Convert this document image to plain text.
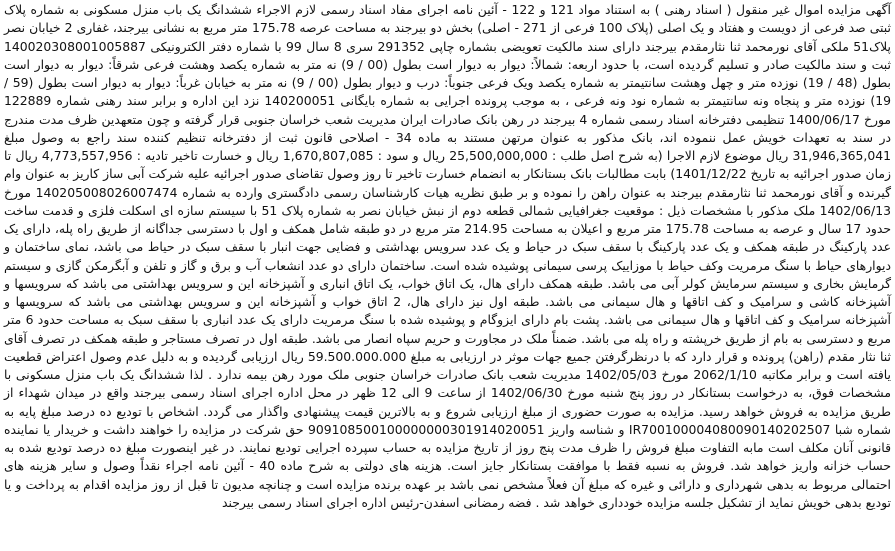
آگهی مزایده اموال غیر منقول ( اسناد رهنی ) به استناد مواد 121 و 122 - آئین نامه اجرای مفاد اسناد رسمی لازم الاجراء ششدانگ یک باب منزل مسکونی به شماره پلاک ثبتی صد فرعی از دویست و هفتاد و یک اصلی (پلاک 100 فرعی از 271 - اصلی) بخش دو بیرجند به مساحت عرصه 175.78 متر مربع به نشانی بیرجند، غفاری 2 خیابان نصر پلاک51 ملکی آقای نورمحمد ثنا نثارمقدم بیرجند دارای سند مالکیت تعویضی بشماره چاپی 291352 سری 8 سال 99 با شماره دفتر الکترونیکی 140020308001005887 ثبت و سند مالکیت صادر و تسلیم گردیده است، با حدود اربعه: شمالاً: دیوار به دیوار است بطول (00 / 9) نه متر به شماره یکصد وهشت فرعی شرقاً: دیوار به دیوار است بطول (48 / 19) نوزده متر و چهل وهشت سانتیمتر به شماره یکصد ویک فرعی جنوباً: درب و دیوار بطول (00 / 9) نه متر به خیابان غرباً: دیوار به دیوار است بطول (59 / 19) نوزده متر و پنجاه ونه سانتیمتر به شماره نود ونه فرعی ، به موجب پرونده اجرایی به شماره بایگانی 140200051 نزد این اداره و برابر سند رهنی شماره 122889 مورخ 1400/06/17 تنظیمی دفترخانه اسناد رسمی شماره 4 بیرجند در رهن بانک صادرات ایران مدیریت شعب خراسان جنوبی قرار گرفته و چون متعهدین ظرف مدت مندرج در سند به تعهدات خویش عمل ننموده اند، بانک مذکور به عنوان مرتهن مستند به ماده 34 - اصلاحی قانون ثبت از دفترخانه تنظیم کننده سند راجع به وصول مبلغ 31,946,365,041 ریال موضوع لازم الاجرا (به شرح اصل طلب : 25,500,000,000 ریال و سود : 1,670,807,085 ریال و خسارت تاخیر تادیه : 4,773,557,956 ریال تا زمان صدور اجرائیه به تاریخ 1401/12/22) بابت مطالبات بانک بستانکار به انضمام خسارت تاخیر تا روز وصول تقاضای صدور اجرائیه علیه شرکت آبی ساز کاریز به عنوان وام گیرنده و آقای نورمحمد ثنا نثارمقدم بیرجند به عنوان راهن را نموده و بر طبق نظریه هیات کارشناسان رسمی دادگستری وارده به شماره 140205008026007474 مورخ 1402/06/13 ملک مذکور با مشخصات ذیل : موقعیت جغرافیایی شمالی قطعه دوم از نبش خیابان نصر به شماره پلاک 51 با سیستم سازه ای اسکلت فلزی و قدمت ساخت حدود 17 سال و عرصه به مساحت 175.78 متر مربع و اعیلان به مساحت 214.95 متر مربع در دو طبقه شامل همکف و اول با دسترسی جداگانه از طریق راه پله، دارای یک عدد پارکینگ در طبقه همکف و یک عدد پارکینگ با سقف سبک در حیاط و یک عدد سرویس بهداشتی و فضایی جهت انبار با سقف سبک در حیاط می باشد، نمای ساختمان و دیوارهای حیاط با سنگ مرمریت وکف حیاط با موزاییک پرسی سیمانی پوشیده شده است. ساختمان دارای دو عدد انشعاب آب و برق و گاز و تلفن و آبگرمکن گازی و سیستم گرمایش بخاری و سیستم سرمایش کولر آبی می باشد. طبقه همکف دارای هال، یک اتاق خواب، یک اتاق انباری و آشپزخانه این و سرویس بهداشتی می باشد که سرویسها و آشپزخانه کاشی و سرامیک و کف اتاقها و هال سیمانی می باشد. طبقه اول نیز دارای هال، 2 اتاق خواب و آشپزخانه این و سرویس بهداشتی می باشد که سرویسها و آشپزخانه سرامیک و کف اتاقها و هال سیمانی می باشد. پشت بام دارای ایزوگام و پوشیده شده با سنگ مرمریت دارای یک عدد انباری با سقف سبک به مساحت حدود 6 متر مربع و دسترسی به بام از طریق خرپشته و راه پله می باشد. ضمناً ملک در مجاورت و حریم سپاه انصار می باشد. طبقه اول در تصرف مستاجر و طبقه همکف در تصرف آقای ثنا نثار مقدم (راهن) پرونده و قرار دارد که با درنظرگرفتن جمیع جهات موثر در ارزیابی به مبلغ 59.500.000.000 ریال ارزیابی گردیده و به دلیل عدم وصول اعتراض قطعیت یافته است و برابر مکاتبه 2062/1/10 مورخ 1402/05/03 مدیریت شعب بانک صادرات خراسان جنوبی ملک مورد رهن بیمه ندارد . لذا ششدانگ یک باب منزل مسکونی با مشخصات فوق، به درخواست بستانکار در روز پنج شنبه مورخ 1402/06/30 از ساعت 9 الی 12 ظهر در محل اداره اجرای اسناد رسمی بیرجند واقع در میدان شهداء از طریق مزایده به فروش خواهد رسید. مزایده به صورت حضوری از مبلغ ارزیابی شروع و به بالاترین قیمت پیشنهادی واگذار می گردد. اشخاص با تودیع ده درصد مبلغ پایه به شماره شبا IR700100004080090140202507 و شناسه واریز 909108500100000000301914020051 حق شرکت در مزایده را خواهند داشت و خریدار یا نماینده قانونی آنان مکلف است مابه التفاوت مبلغ فروش را ظرف مدت پنج روز از تاریخ مزایده به حساب سپرده اجرایی تودیع نمایند. در غیر اینصورت مبلغ ده درصد تودیع شده به حساب خزانه واریز خواهد شد. فروش به نسبه فقط با موافقت بستانکار جایز است. هزینه های دولتی به شرح ماده 40 - آئین نامه اجراء نقداً وصول و سایر هزینه های احتمالی مربوط به بدهی شهرداری و دارائی و غیره که مبلغ آن فعلاً مشخص نمی باشد بر عهده برنده مزایده است و چنانچه مدیون تا قبل از روز مزایده اقدام به پرداخت و یا تودیع بدهی خویش نماید از تشکیل جلسه مزایده خودداری خواهد شد . فضه رمضانی اسفدن-رئیس اداره اجرای اسناد رسمی بیرجند
